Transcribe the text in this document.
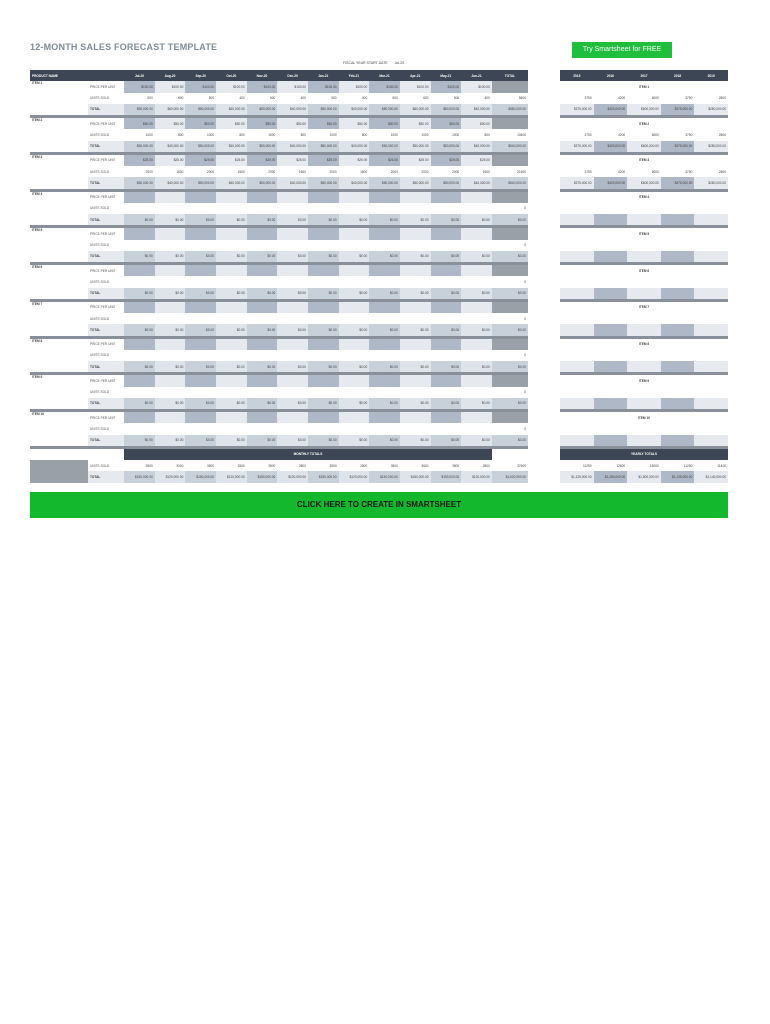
12-MONTH SALES FORECAST TEMPLATE	Try Smartsheet for FREE
FISCAL YEAR START DATE Jul-20
PRODUCT NAME		Jul-20	Aug-20	Sep-20	Oct-20	Nov-20	Dec-20	Jan-21	Feb-21	Mar-21	Apr-21	May-21	Jun-21	TOTAL
ITEM 1	PRICE PER UNIT	$100.00	$100.00	$100.00	$100.00	$100.00	$100.00	$100.00	$100.00	$100.00	$100.00	$100.00	$100.00	
	UNITS SOLD	500	600	500	400	500	400	500	400	500	600	500	400	5600
	TOTAL	$50,000.00	$60,000.00	$50,000.00	$40,000.00	$50,000.00	$40,000.00	$50,000.00	$40,000.00	$50,000.00	$60,000.00	$50,000.00	$40,000.00	$580,000.00

ITEM 2	PRICE PER UNIT	$50.00	$50.00	$50.00	$50.00	$50.00	$50.00	$50.00	$50.00	$50.00	$50.00	$50.00	$50.00	
	UNITS SOLD	1000	800	1000	800	1000	800	1000	800	1000	1000	1000	800	10400
	TOTAL	$50,000.00	$40,000.00	$50,000.00	$40,000.00	$50,000.00	$40,000.00	$50,000.00	$40,000.00	$50,000.00	$50,000.00	$50,000.00	$40,000.00	$540,000.00

ITEM 3	PRICE PER UNIT	$25.00	$25.00	$25.00	$25.00	$25.00	$25.00	$25.00	$25.00	$25.00	$25.00	$25.00	$25.00	
	UNITS SOLD	2000	1600	2000	1600	2000	1600	2000	1600	2000	2000	2000	1600	21600
	TOTAL	$50,000.00	$40,000.00	$50,000.00	$40,000.00	$50,000.00	$40,000.00	$50,000.00	$40,000.00	$50,000.00	$50,000.00	$50,000.00	$40,000.00	$540,000.00

ITEM 4	PRICE PER UNIT													
	UNITS SOLD													0
	TOTAL	$0.00	$0.00	$0.00	$0.00	$0.00	$0.00	$0.00	$0.00	$0.00	$0.00	$0.00	$0.00	$0.00

ITEM 5	PRICE PER UNIT													
	UNITS SOLD													0
	TOTAL	$0.00	$0.00	$0.00	$0.00	$0.00	$0.00	$0.00	$0.00	$0.00	$0.00	$0.00	$0.00	$0.00

ITEM 6	PRICE PER UNIT													
	UNITS SOLD													0
	TOTAL	$0.00	$0.00	$0.00	$0.00	$0.00	$0.00	$0.00	$0.00	$0.00	$0.00	$0.00	$0.00	$0.00

ITEM 7	PRICE PER UNIT													
	UNITS SOLD													0
	TOTAL	$0.00	$0.00	$0.00	$0.00	$0.00	$0.00	$0.00	$0.00	$0.00	$0.00	$0.00	$0.00	$0.00

ITEM 8	PRICE PER UNIT													
	UNITS SOLD													0
	TOTAL	$0.00	$0.00	$0.00	$0.00	$0.00	$0.00	$0.00	$0.00	$0.00	$0.00	$0.00	$0.00	$0.00

ITEM 9	PRICE PER UNIT													
	UNITS SOLD													0
	TOTAL	$0.00	$0.00	$0.00	$0.00	$0.00	$0.00	$0.00	$0.00	$0.00	$0.00	$0.00	$0.00	$0.00

ITEM 10	PRICE PER UNIT													
	UNITS SOLD													0
	TOTAL	$0.00	$0.00	$0.00	$0.00	$0.00	$0.00	$0.00	$0.00	$0.00	$0.00	$0.00	$0.00	$0.00

		MONTHLY TOTALS												
	UNITS SOLD	3500	3000	3500	2800	3500	2800	3500	2800	3500	3600	3500	2800	37600
	TOTAL	$150,000.00	$120,000.00	$150,000.00	$120,000.00	$150,000.00	$120,000.00	$150,000.00	$120,000.00	$150,000.00	$160,000.00	$150,000.00	$120,000.00	$1,620,000.00
2015	2016	2017	2018	2019
ITEM 1				
3750	4200	6000	3750	2800
$375,000.00	$420,000.00	$600,000.00	$375,000.00	$280,000.00

ITEM 2				
3750	4200	6000	3750	2800
$375,000.00	$420,000.00	$600,000.00	$375,000.00	$280,000.00

ITEM 3				
3750	4200	6000	3750	2800
$375,000.00	$420,000.00	$600,000.00	$375,000.00	$280,000.00

ITEM 4				

ITEM 5				

ITEM 6				

ITEM 7				

ITEM 8				

ITEM 9				

ITEM 10				

YEARLY TOTALS				
11250	12600	18000	11250	11400
$1,125,000.00	$1,260,000.00	$1,800,000.00	$1,125,000.00	$1,140,000.00
CLICK HERE TO CREATE IN SMARTSHEET
